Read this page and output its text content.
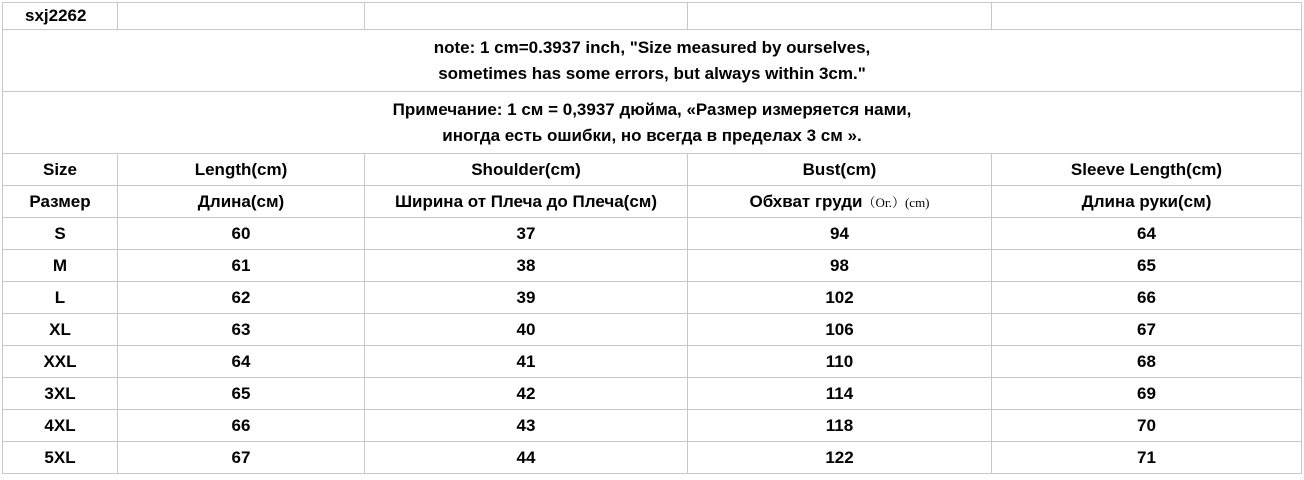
sxj2262				

note: 1 cm=0.3937 inch, "Size measured by ourselves,
sometimes has some errors, but always within 3cm."				

Примечание: 1 см = 0,3937 дюйма, «Размер измеряется нами,
иногда есть ошибки, но всегда в пределах 3 см ».				

Size	Length(cm)	Shoulder(cm)	Bust(cm)	Sleeve Length(cm)
Размер	Длина(см)	Ширина от Плеча до Плеча(см)	Обхват груди（Ог.）(cm)	Длина руки(см)
S	60	37	94	64
M	61	38	98	65
L	62	39	102	66
XL	63	40	106	67
XXL	64	41	110	68
3XL	65	42	114	69
4XL	66	43	118	70
5XL	67	44	122	71
